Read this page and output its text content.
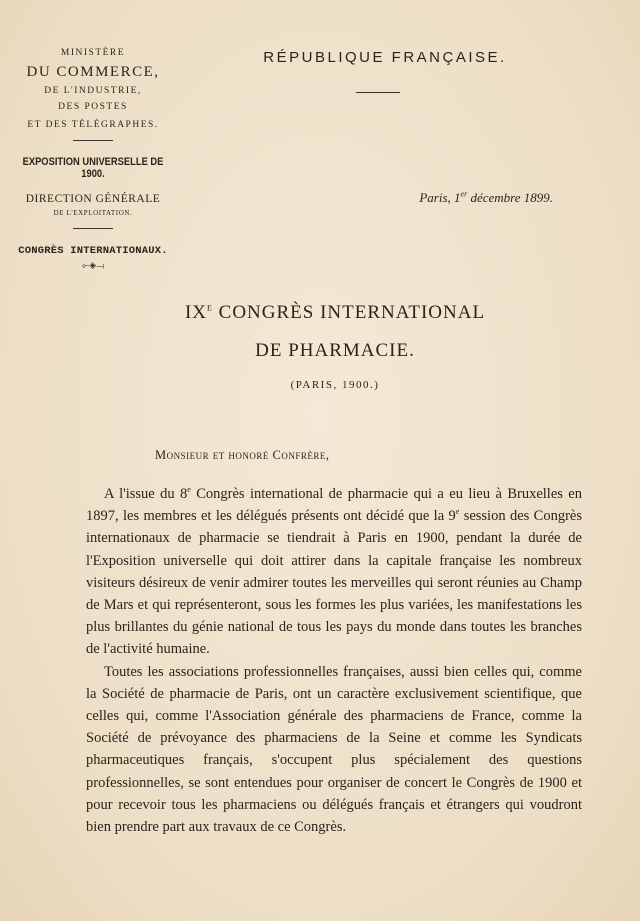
MINISTÈRE
DU COMMERCE,
DE L'INDUSTRIE,
DES POSTES
ET DES TÉLÉGRAPHES.
EXPOSITION UNIVERSELLE DE 1900.
DIRECTION GÉNÉRALE
DE L'EXPLOITATION.
CONGRÈS INTERNATIONAUX.
⟜◈⟞
RÉPUBLIQUE FRANÇAISE.
Paris, 1er décembre 1899.
$IX^E$ CONGRÈS INTERNATIONAL
DE PHARMACIE.
(PARIS, 1900.)
Monsieur et honoré Confrère,

A l'issue du 8e Congrès international de pharmacie qui a eu lieu à Bruxelles en 1897, les membres et les délégués présents ont décidé que la 9e session des Congrès internationaux de pharmacie se tiendrait à Paris en 1900, pendant la durée de l'Exposition universelle qui doit attirer dans la capitale française les nombreux visiteurs désireux de venir admirer toutes les merveilles qui seront réunies au Champ de Mars et qui représenteront, sous les formes les plus variées, les manifestations les plus brillantes du génie national de tous les pays du monde dans toutes les branches de l'activité humaine.

Toutes les associations professionnelles françaises, aussi bien celles qui, comme la Société de pharmacie de Paris, ont un caractère exclusivement scientifique, que celles qui, comme l'Association générale des pharmaciens de France, comme la Société de prévoyance des pharmaciens de la Seine et comme les Syndicats pharmaceutiques français, s'occupent plus spécialement des questions professionnelles, se sont entendues pour organiser de concert le Congrès de 1900 et pour recevoir tous les pharmaciens ou délégués français et étrangers qui voudront bien prendre part aux travaux de ce Congrès.
